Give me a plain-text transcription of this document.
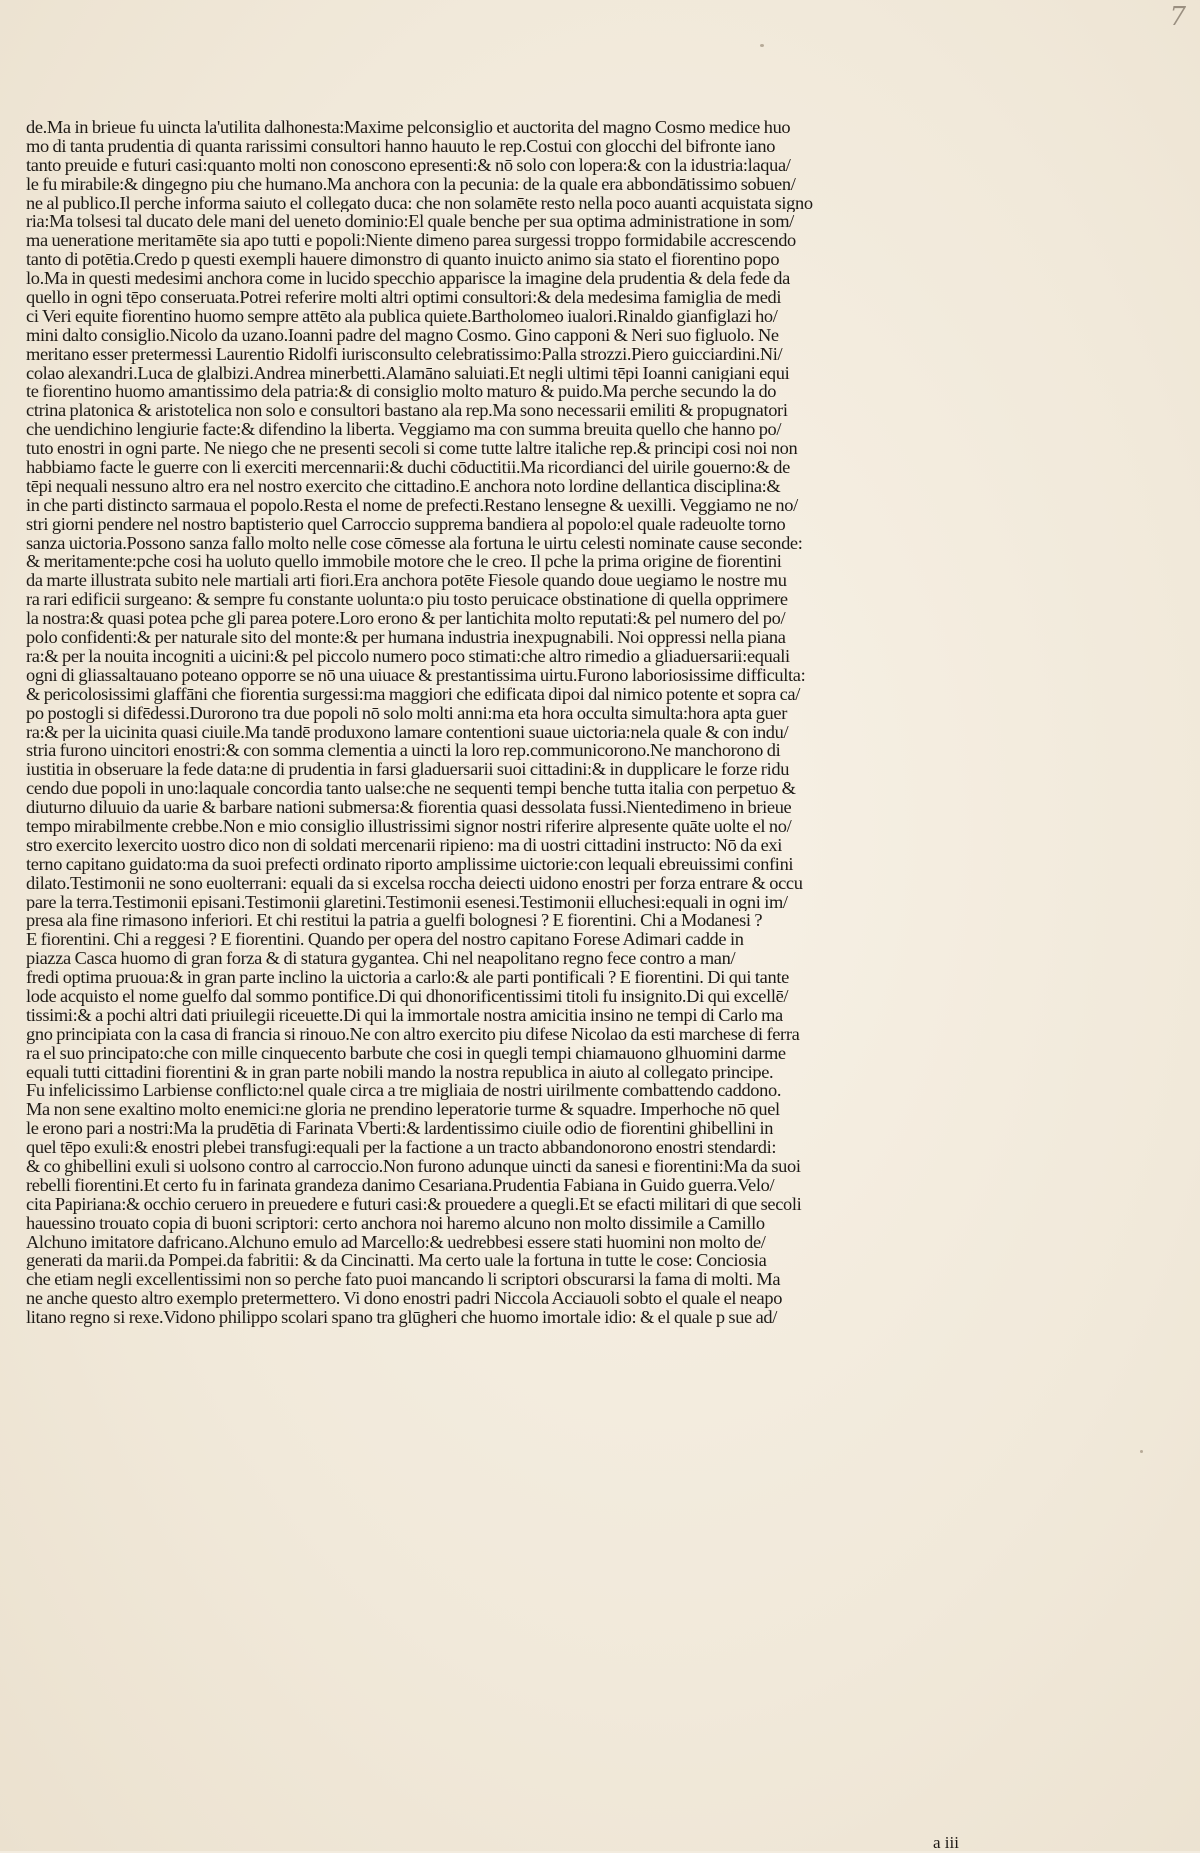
7
de.Ma in brieue fu uincta la'utilita dalhonesta:Maxime pelconsiglio et auctorita del magno Cosmo medice huo
mo di tanta prudentia di quanta rarissimi consultori hanno hauuto le rep.Costui con glocchi del bifronte iano
tanto preuide e futuri casi:quanto molti non conoscono epresenti:& nō solo con lopera:& con la idustria:laqua/
le fu mirabile:& dingegno piu che humano.Ma anchora con la pecunia: de la quale era abbondātissimo sobuen/
ne al publico.Il perche informa saiuto el collegato duca: che non solamēte resto nella poco auanti acquistata signo
ria:Ma tolsesi tal ducato dele mani del ueneto dominio:El quale benche per sua optima administratione in som/
ma ueneratione meritamēte sia apo tutti e popoli:Niente dimeno parea surgessi troppo formidabile accrescendo
tanto di potētia.Credo p questi exempli hauere dimonstro di quanto inuicto animo sia stato el fiorentino popo
lo.Ma in questi medesimi anchora come in lucido specchio apparisce la imagine dela prudentia & dela fede da
quello in ogni tēpo conseruata.Potrei referire molti altri optimi consultori:& dela medesima famiglia de medi
ci Veri equite fiorentino huomo sempre attēto ala publica quiete.Bartholomeo iualori.Rinaldo gianfiglazi ho/
mini dalto consiglio.Nicolo da uzano.Ioanni padre del magno Cosmo. Gino capponi & Neri suo figluolo. Ne
meritano esser pretermessi Laurentio Ridolfi iurisconsulto celebratissimo:Palla strozzi.Piero guicciardini.Ni/
colao alexandri.Luca de glalbizi.Andrea minerbetti.Alamāno saluiati.Et negli ultimi tēpi Ioanni canigiani equi
te fiorentino huomo amantissimo dela patria:& di consiglio molto maturo & puido.Ma perche secundo la do
ctrina platonica & aristotelica non solo e consultori bastano ala rep.Ma sono necessarii emiliti & propugnatori
che uendichino lengiurie facte:& difendino la liberta. Veggiamo ma con summa breuita quello che hanno po/
tuto enostri in ogni parte. Ne niego che ne presenti secoli si come tutte laltre italiche rep.& principi cosi noi non
habbiamo facte le guerre con li exerciti mercennarii:& duchi cōductitii.Ma ricordianci del uirile gouerno:& de
tēpi nequali nessuno altro era nel nostro exercito che cittadino.E anchora noto lordine dellantica disciplina:&
in che parti distincto sarmaua el popolo.Resta el nome de prefecti.Restano lensegne & uexilli. Veggiamo ne no/
stri giorni pendere nel nostro baptisterio quel Carroccio suppremа bandiera al popolo:el quale radeuolte torno
sanza uictoria.Possono sanza fallo molto nelle cose cōmesse ala fortuna le uirtu celesti nominate cause seconde:
& meritamente:pche cosi ha uoluto quello immobile motore che le creo. Il pche la prima origine de fiorentini
da marte illustrata subito nele martiali arti fiori.Era anchora potēte Fiesole quando doue uegiamo le nostre mu
ra rari edificii surgeano: & sempre fu constante uolunta:o piu tosto peruicace obstinatione di quella opprimere
la nostra:& quasi potea pche gli parea potere.Loro erono & per lantichita molto reputati:& pel numero del po/
polo confidenti:& per naturale sito del monte:& per humana industria inexpugnabili. Noi oppressi nella piana
ra:& per la nouita incogniti a uicini:& pel piccolo numero poco stimati:che altro rimedio a gliaduersarii:equali
ogni di gliassaltauano poteano opporre se nō una uiuace & prestantissima uirtu.Furono laboriosissime difficulta:
& pericolosissimi glaffāni che fiorentia surgessi:ma maggiori che edificata dipoi dal nimico potente et sopra ca/
po postogli si difēdessi.Durorono tra due popoli nō solo molti anni:ma eta hora occulta simulta:hora apta guer
ra:& per la uicinita quasi ciuile.Ma tandē produxono lamare contentioni suaue uictoria:nela quale & con indu/
stria furono uincitori enostri:& con somma clementia a uincti la loro rep.communicorono.Ne manchorono di
iustitia in obseruare la fede data:ne di prudentia in farsi gladuersarii suoi cittadini:& in dupplicare le forze ridu
cendo due popoli in uno:laquale concordia tanto ualse:che ne sequenti tempi benche tutta italia con perpetuo &
diuturno diluuio da uarie & barbare nationi submersa:& fiorentia quasi dessolata fussi.Nientedimeno in brieue
tempo mirabilmente crebbe.Non e mio consiglio illustrissimi signor nostri riferire alpresente quāte uolte el no/
stro exercito lexercito uostro dico non di soldati mercenarii ripieno: ma di uostri cittadini instructo: Nō da exi
terno capitano guidato:ma da suoi prefecti ordinato riporto amplissime uictorie:con lequali ebreuissimi confini
dilato.Testimonii ne sono euolterrani: equali da si excelsa roccha deiecti uidono enostri per forza entrare & occu
pare la terra.Testimonii episani.Testimonii glaretini.Testimonii esenesi.Testimonii elluchesi:equali in ogni im/
presa ala fine rimasono inferiori. Et chi restitui la patria a guelfi bolognesi ? E fiorentini. Chi a Modanesi ?
E fiorentini. Chi a reggesi ? E fiorentini. Quando per opera del nostro capitano Forese Adimari cadde in
piazza Casca huomo di gran forza & di statura gygantea. Chi nel neapolitano regno fece contro a man/
fredi optima pruoua:& in gran parte inclino la uictoria a carlo:& ale parti pontificali ? E fiorentini. Di qui tante
lode acquisto el nome guelfo dal sommo pontifice.Di qui dhonorificentissimi titoli fu insignito.Di qui excellē/
tissimi:& a pochi altri dati priuilegii riceuette.Di qui la immortale nostra amicitia insino ne tempi di Carlo ma
gno principiata con la casa di francia si rinouo.Ne con altro exercito piu difese Nicolao da esti marchese di ferra
ra el suo principato:che con mille cinquecento barbute che cosi in quegli tempi chiamauono glhuomini darme
equali tutti cittadini fiorentini & in gran parte nobili mando la nostra republica in aiuto al collegato principe.
Fu infelicissimo Larbiense conflicto:nel quale circa a tre migliaia de nostri uirilmente combattendo caddono.
Ma non sene exaltino molto enemici:ne gloria ne prendino leperatorie turme & squadre. Imperhoche nō quel
le erono pari a nostri:Ma la prudētia di Farinata Vberti:& lardentissimo ciuile odio de fiorentini ghibellini in
quel tēpo exuli:& enostri plebei transfugi:equali per la factione a un tracto abbandonorono enostri stendardi:
& co ghibellini exuli si uolsono contro al carroccio.Non furono adunque uincti da sanesi e fiorentini:Ma da suoi
rebelli fiorentini.Et certo fu in farinata grandeza danimo Cesariana.Prudentia Fabiana in Guido guerra.Velo/
cita Papiriana:& occhio ceruero in preuedere e futuri casi:& prouedere a quegli.Et se efacti militari di que secoli
hauessino trouato copia di buoni scriptori: certo anchora noi haremo alcuno non molto dissimile a Camillo
Alchuno imitatore dafricano.Alchuno emulo ad Marcello:& uedrebbesi essere stati huomini non molto de/
generati da marii.da Pompei.da fabritii: & da Cincinatti. Ma certo uale la fortuna in tutte le cose: Conciosia
che etiam negli excellentissimi non so perche fato puoi mancando li scriptori obscurarsi la fama di molti. Ma
ne anche questo altro exemplo pretermettero. Vi dono enostri padri Niccola Acciauoli sobto el quale el neapo
litano regno si rexe.Vidono philippo scolari spano tra glūgheri che huomo imortale idio: & el quale p sue ad/
a iii
